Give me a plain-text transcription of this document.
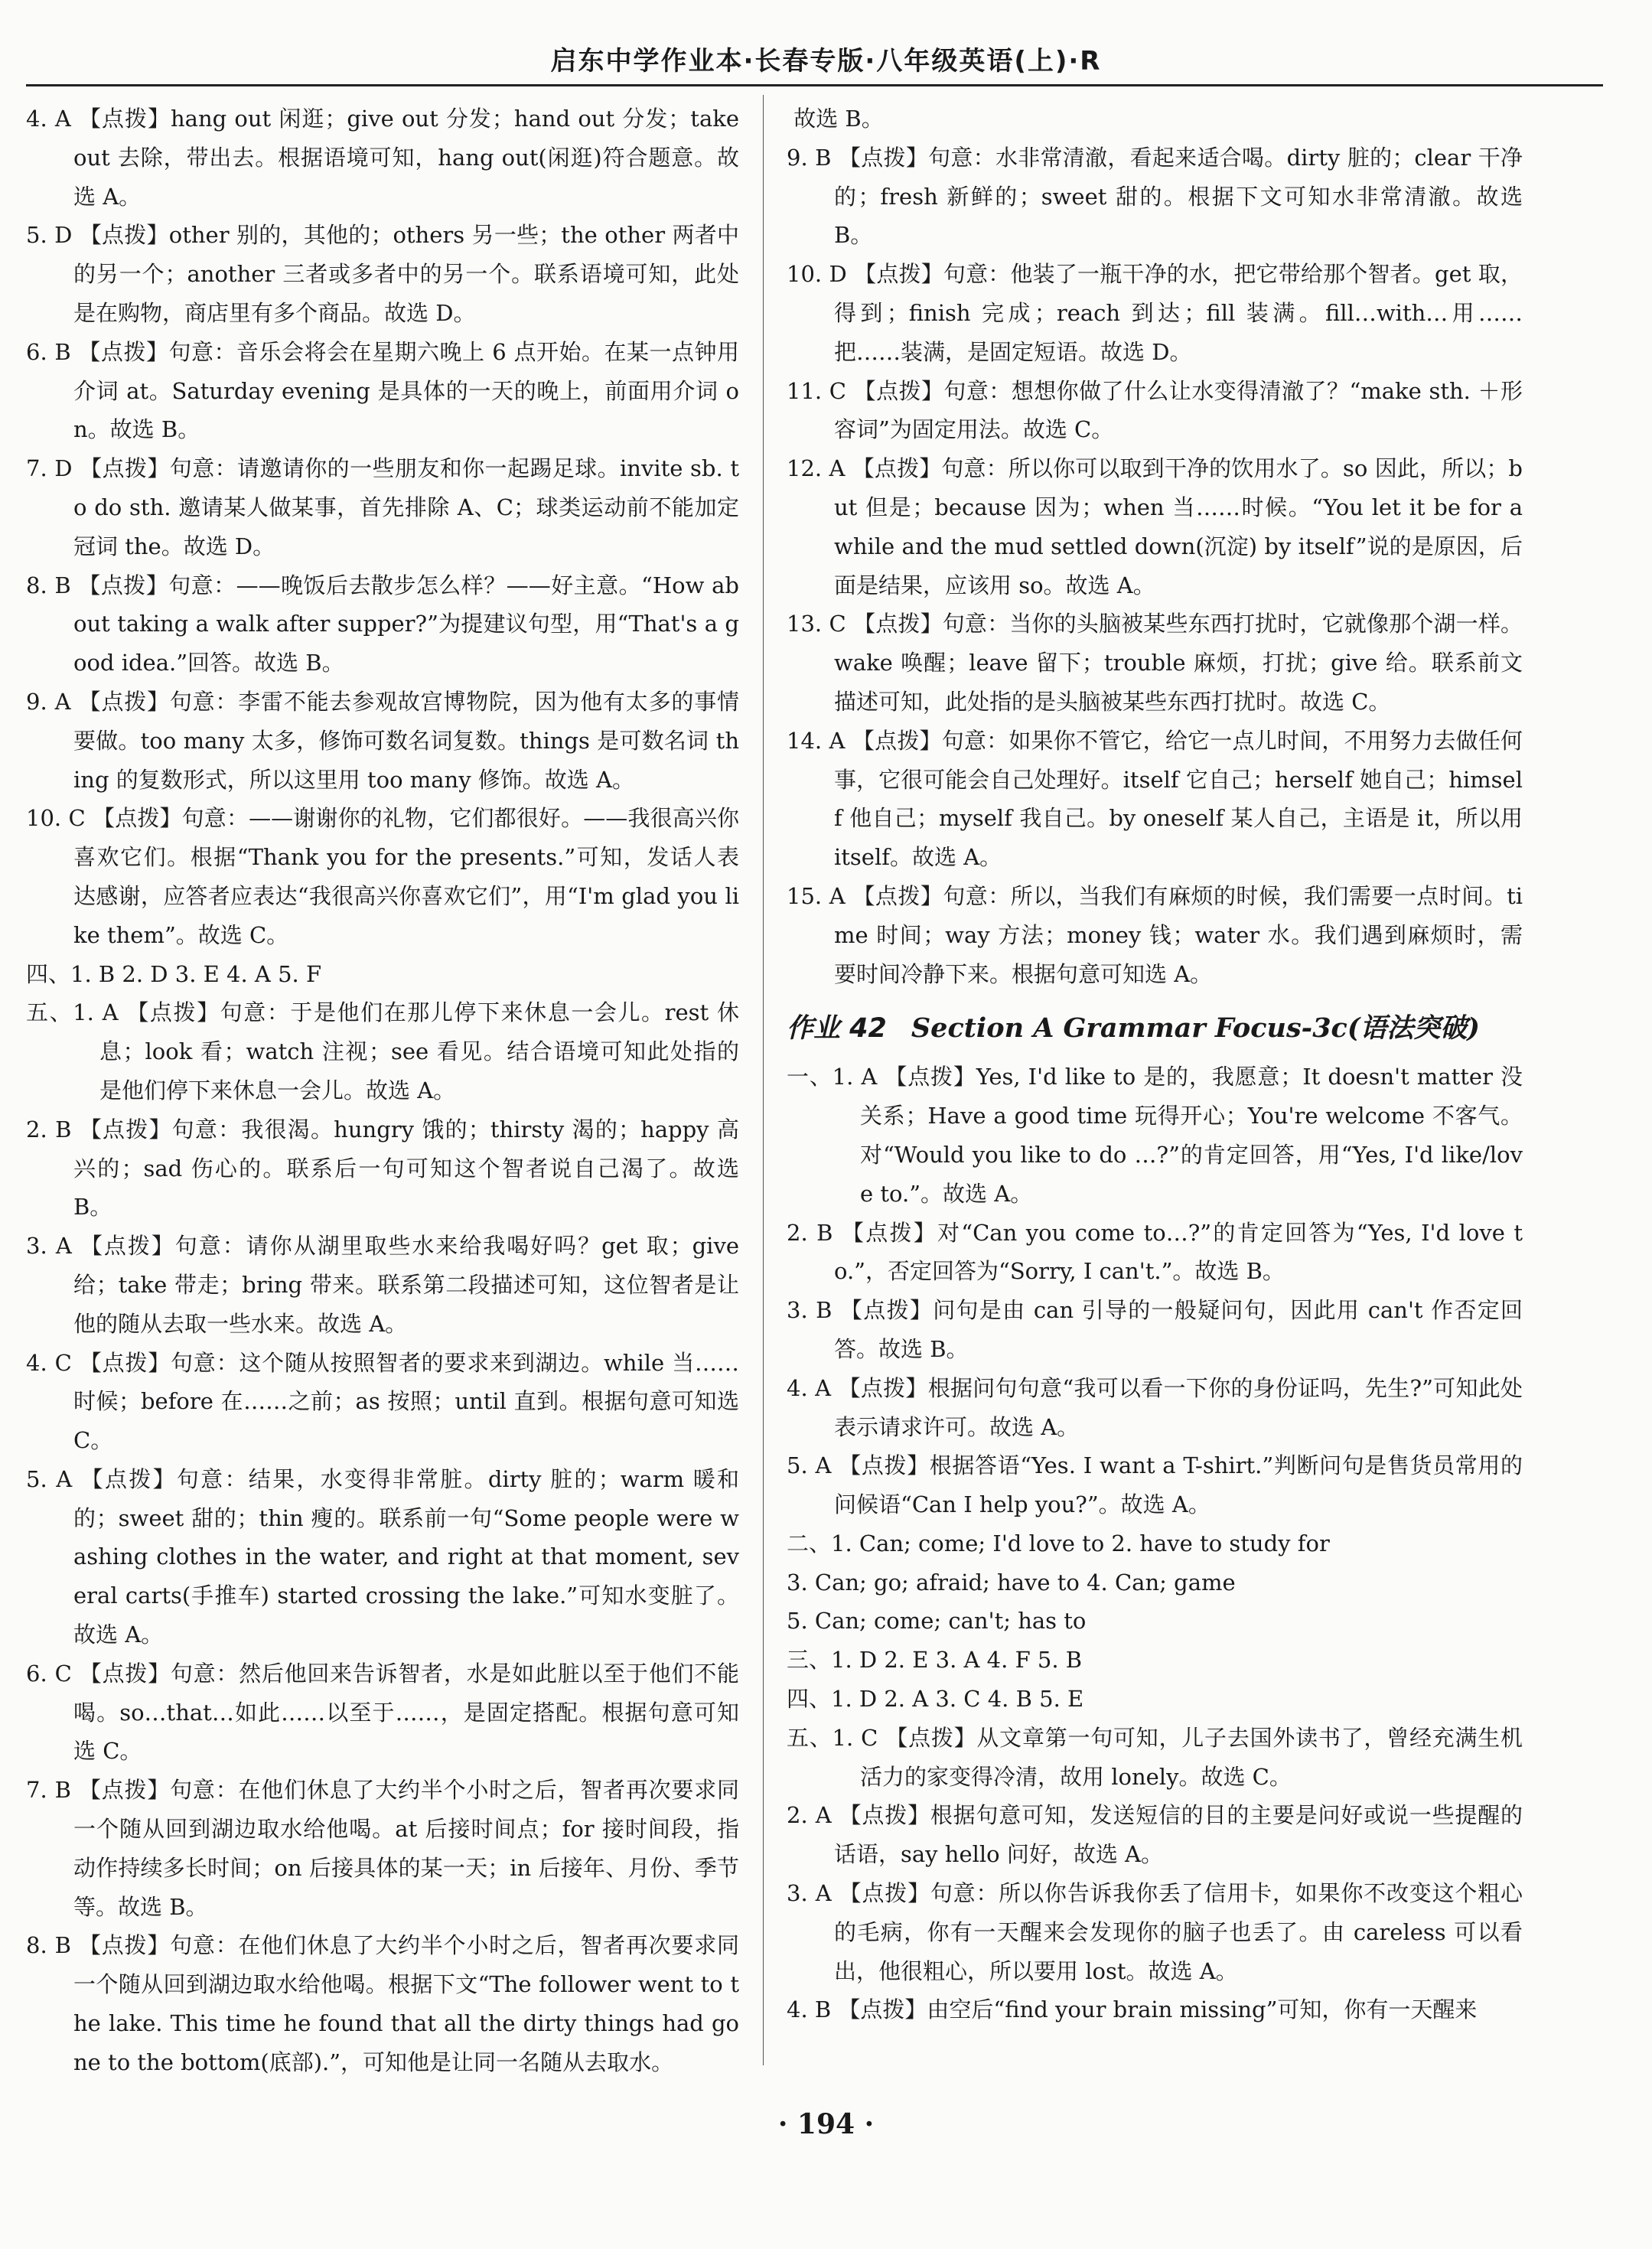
启东中学作业本·长春专版·八年级英语(上)·R

4. A 【点拨】hang out 闲逛；give out 分发；hand out 分发；take out 去除，带出去。根据语境可知，hang out(闲逛)符合题意。故选 A。

5. D 【点拨】other 别的，其他的；others 另一些；the other 两者中的另一个；another 三者或多者中的另一个。联系语境可知，此处是在购物，商店里有多个商品。故选 D。

6. B 【点拨】句意：音乐会将会在星期六晚上 6 点开始。在某一点钟用介词 at。Saturday evening 是具体的一天的晚上，前面用介词 on。故选 B。

7. D 【点拨】句意：请邀请你的一些朋友和你一起踢足球。invite sb. to do sth. 邀请某人做某事，首先排除 A、C；球类运动前不能加定冠词 the。故选 D。

8. B 【点拨】句意：——晚饭后去散步怎么样？——好主意。“How about taking a walk after supper?”为提建议句型，用“That's a good idea.”回答。故选 B。

9. A 【点拨】句意：李雷不能去参观故宫博物院，因为他有太多的事情要做。too many 太多，修饰可数名词复数。things 是可数名词 thing 的复数形式，所以这里用 too many 修饰。故选 A。

10. C 【点拨】句意：——谢谢你的礼物，它们都很好。——我很高兴你喜欢它们。根据“Thank you for the presents.”可知，发话人表达感谢，应答者应表达“我很高兴你喜欢它们”，用“I'm glad you like them”。故选 C。

四、1. B 2. D 3. E 4. A 5. F

五、1. A 【点拨】句意：于是他们在那儿停下来休息一会儿。rest 休息；look 看；watch 注视；see 看见。结合语境可知此处指的是他们停下来休息一会儿。故选 A。

2. B 【点拨】句意：我很渴。hungry 饿的；thirsty 渴的；happy 高兴的；sad 伤心的。联系后一句可知这个智者说自己渴了。故选 B。

3. A 【点拨】句意：请你从湖里取些水来给我喝好吗？get 取；give 给；take 带走；bring 带来。联系第二段描述可知，这位智者是让他的随从去取一些水来。故选 A。

4. C 【点拨】句意：这个随从按照智者的要求来到湖边。while 当……时候；before 在……之前；as 按照；until 直到。根据句意可知选 C。

5. A 【点拨】句意：结果，水变得非常脏。dirty 脏的；warm 暖和的；sweet 甜的；thin 瘦的。联系前一句“Some people were washing clothes in the water, and right at that moment, several carts(手推车) started crossing the lake.”可知水变脏了。故选 A。

6. C 【点拨】句意：然后他回来告诉智者，水是如此脏以至于他们不能喝。so…that…如此……以至于……，是固定搭配。根据句意可知选 C。

7. B 【点拨】句意：在他们休息了大约半个小时之后，智者再次要求同一个随从回到湖边取水给他喝。at 后接时间点；for 接时间段，指动作持续多长时间；on 后接具体的某一天；in 后接年、月份、季节等。故选 B。

8. B 【点拨】句意：在他们休息了大约半个小时之后，智者再次要求同一个随从回到湖边取水给他喝。根据下文“The follower went to the lake. This time he found that all the dirty things had gone to the bottom(底部).”，可知他是让同一名随从去取水。

故选 B。

9. B 【点拨】句意：水非常清澈，看起来适合喝。dirty 脏的；clear 干净的；fresh 新鲜的；sweet 甜的。根据下文可知水非常清澈。故选 B。

10. D 【点拨】句意：他装了一瓶干净的水，把它带给那个智者。get 取，得到；finish 完成；reach 到达；fill 装满。fill…with…用……把……装满，是固定短语。故选 D。

11. C 【点拨】句意：想想你做了什么让水变得清澈了？“make sth. ＋形容词”为固定用法。故选 C。

12. A 【点拨】句意：所以你可以取到干净的饮用水了。so 因此，所以；but 但是；because 因为；when 当……时候。“You let it be for a while and the mud settled down(沉淀) by itself”说的是原因，后面是结果，应该用 so。故选 A。

13. C 【点拨】句意：当你的头脑被某些东西打扰时，它就像那个湖一样。wake 唤醒；leave 留下；trouble 麻烦，打扰；give 给。联系前文描述可知，此处指的是头脑被某些东西打扰时。故选 C。

14. A 【点拨】句意：如果你不管它，给它一点儿时间，不用努力去做任何事，它很可能会自己处理好。itself 它自己；herself 她自己；himself 他自己；myself 我自己。by oneself 某人自己，主语是 it，所以用 itself。故选 A。

15. A 【点拨】句意：所以，当我们有麻烦的时候，我们需要一点时间。time 时间；way 方法；money 钱；water 水。我们遇到麻烦时，需要时间冷静下来。根据句意可知选 A。

作业 42 Section A Grammar Focus-3c(语法突破)

一、1. A 【点拨】Yes, I'd like to 是的，我愿意；It doesn't matter 没关系；Have a good time 玩得开心；You're welcome 不客气。对“Would you like to do …?”的肯定回答，用“Yes, I'd like/love to.”。故选 A。

2. B 【点拨】对“Can you come to…?”的肯定回答为“Yes, I'd love to.”，否定回答为“Sorry, I can't.”。故选 B。

3. B 【点拨】问句是由 can 引导的一般疑问句，因此用 can't 作否定回答。故选 B。

4. A 【点拨】根据问句句意“我可以看一下你的身份证吗，先生?”可知此处表示请求许可。故选 A。

5. A 【点拨】根据答语“Yes. I want a T-shirt.”判断问句是售货员常用的问候语“Can I help you?”。故选 A。

二、1. Can; come; I'd love to 2. have to study for

3. Can; go; afraid; have to 4. Can; game

5. Can; come; can't; has to

三、1. D 2. E 3. A 4. F 5. B

四、1. D 2. A 3. C 4. B 5. E

五、1. C 【点拨】从文章第一句可知，儿子去国外读书了，曾经充满生机活力的家变得冷清，故用 lonely。故选 C。

2. A 【点拨】根据句意可知，发送短信的目的主要是问好或说一些提醒的话语，say hello 问好，故选 A。

3. A 【点拨】句意：所以你告诉我你丢了信用卡，如果你不改变这个粗心的毛病，你有一天醒来会发现你的脑子也丢了。由 careless 可以看出，他很粗心，所以要用 lost。故选 A。

4. B 【点拨】由空后“find your brain missing”可知，你有一天醒来

· 194 ·
